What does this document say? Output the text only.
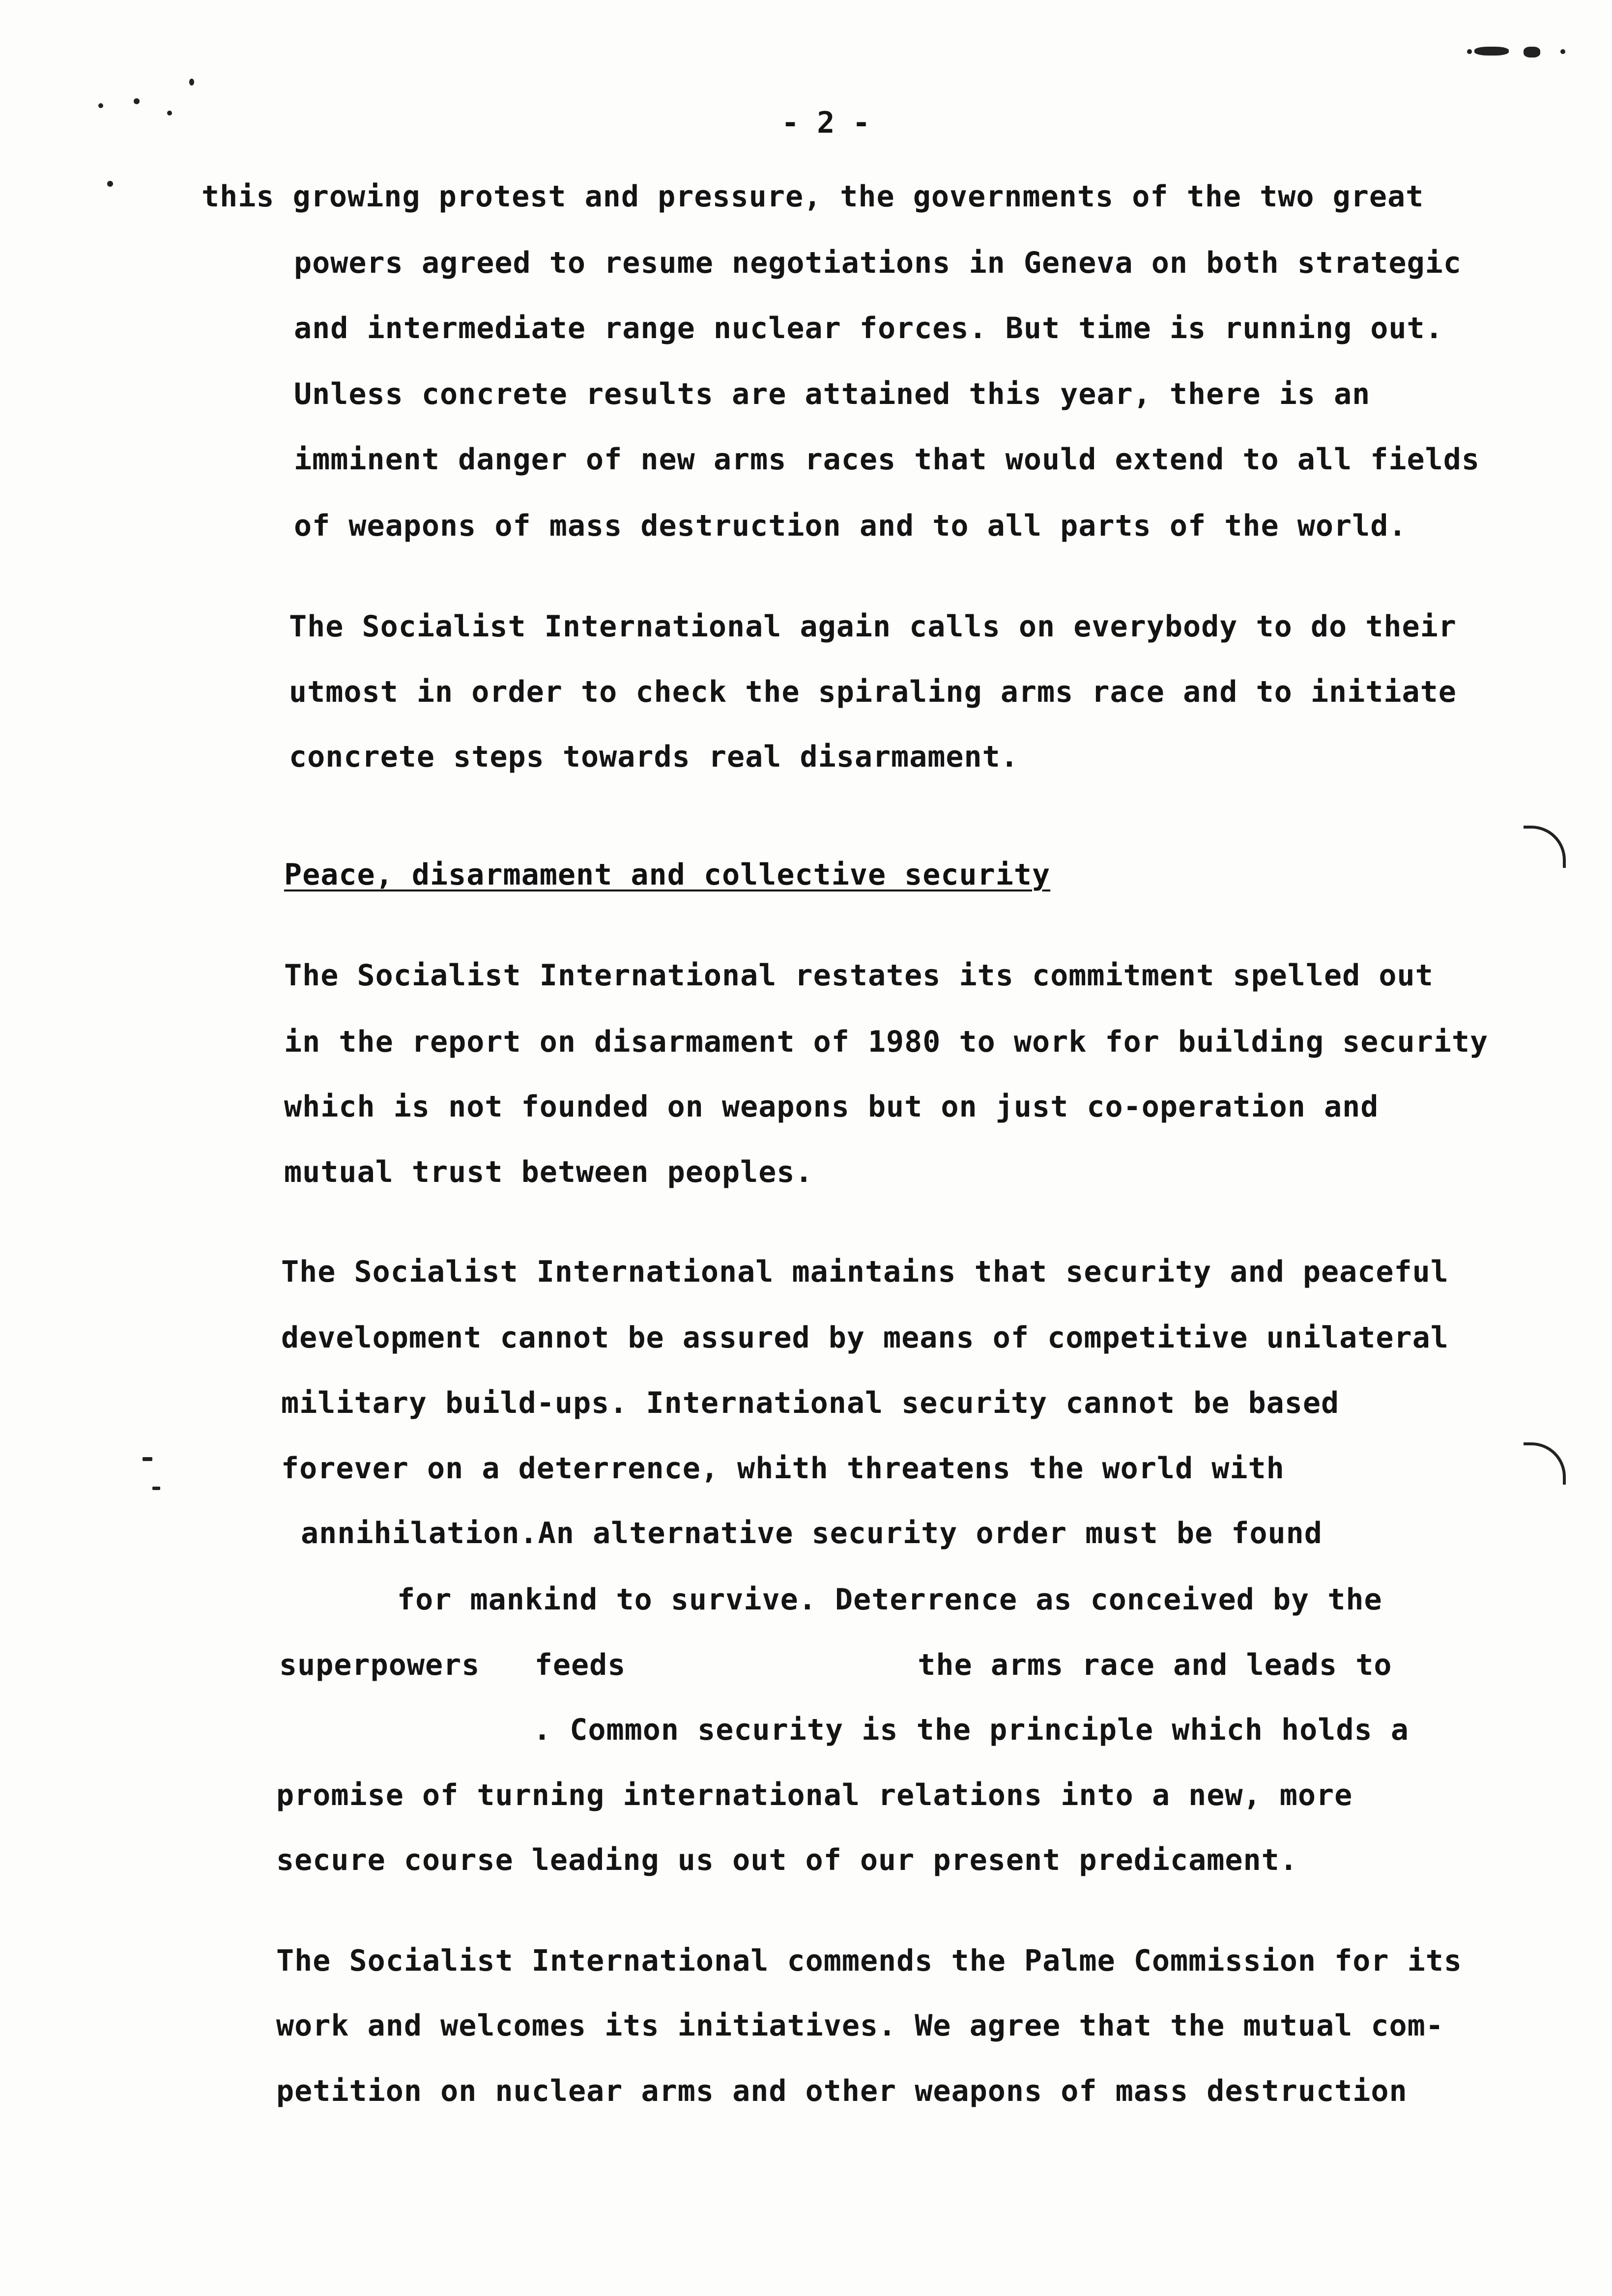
- 2 -
this growing protest and pressure, the governments of the two great
powers agreed to resume negotiations in Geneva on both strategic
and intermediate range nuclear forces. But time is running out.
Unless concrete results are attained this year, there is an
imminent danger of new arms races that would extend to all fields
of weapons of mass destruction and to all parts of the world.
The Socialist International again calls on everybody to do their
utmost in order to check the spiraling arms race and to initiate
concrete steps towards real disarmament.
Peace, disarmament and collective security
The Socialist International restates its commitment spelled out
in the report on disarmament of 1980 to work for building security
which is not founded on weapons but on just co-operation and
mutual trust between peoples.
The Socialist International maintains that security and peaceful
development cannot be assured by means of competitive unilateral
military build-ups. International security cannot be based
forever on a deterrence, whith threatens the world with
annihilation.An alternative security order must be found
for mankind to survive. Deterrence as conceived by the
superpowers   feeds                the arms race and leads to
. Common security is the principle which holds a
promise of turning international relations into a new, more
secure course leading us out of our present predicament.
The Socialist International commends the Palme Commission for its
work and welcomes its initiatives. We agree that the mutual com-
petition on nuclear arms and other weapons of mass destruction
